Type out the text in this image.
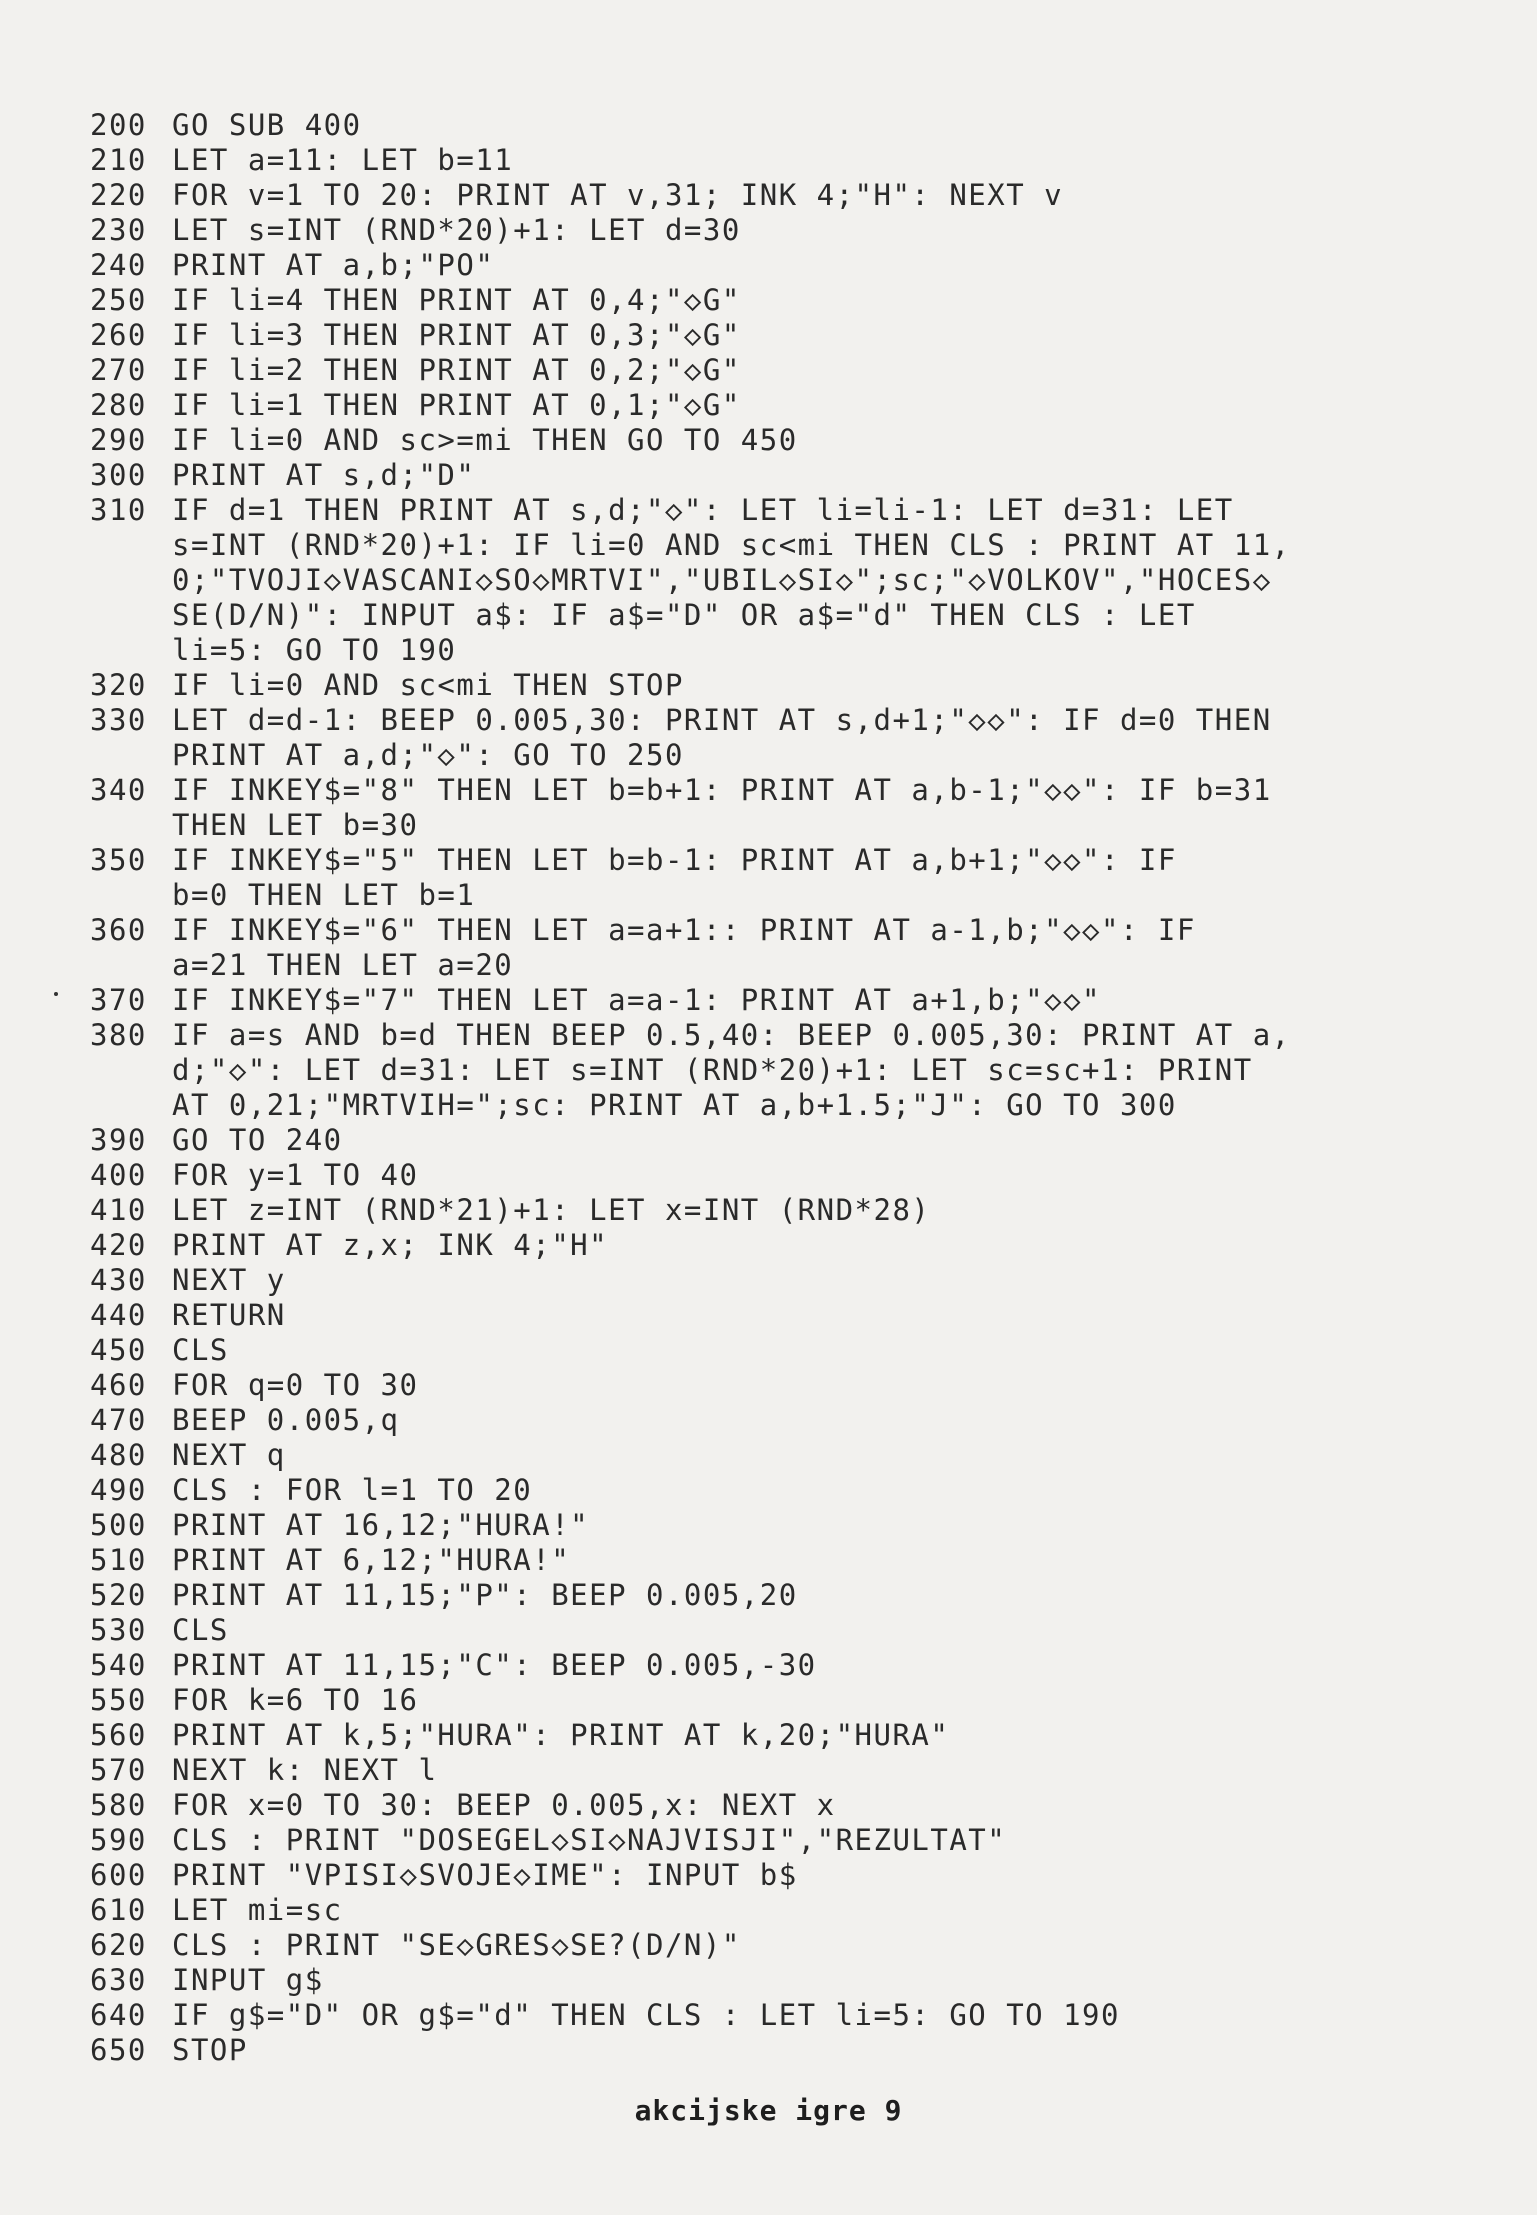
200 GO SUB 400
210 LET a=11: LET b=11
220 FOR v=1 TO 20: PRINT AT v,31; INK 4;"H": NEXT v
230 LET s=INT (RND*20)+1: LET d=30
240 PRINT AT a,b;"PO"
250 IF li=4 THEN PRINT AT 0,4;"◇G"
260 IF li=3 THEN PRINT AT 0,3;"◇G"
270 IF li=2 THEN PRINT AT 0,2;"◇G"
280 IF li=1 THEN PRINT AT 0,1;"◇G"
290 IF li=0 AND sc>=mi THEN GO TO 450
300 PRINT AT s,d;"D"
310 IF d=1 THEN PRINT AT s,d;"◇": LET li=li-1: LET d=31: LET
s=INT (RND*20)+1: IF li=0 AND sc<mi THEN CLS : PRINT AT 11,
0;"TVOJI◇VASCANI◇SO◇MRTVI","UBIL◇SI◇";sc;"◇VOLKOV","HOCES◇
SE(D/N)": INPUT a$: IF a$="D" OR a$="d" THEN CLS : LET
li=5: GO TO 190
320 IF li=0 AND sc<mi THEN STOP
330 LET d=d-1: BEEP 0.005,30: PRINT AT s,d+1;"◇◇": IF d=0 THEN
PRINT AT a,d;"◇": GO TO 250
340 IF INKEY$="8" THEN LET b=b+1: PRINT AT a,b-1;"◇◇": IF b=31
THEN LET b=30
350 IF INKEY$="5" THEN LET b=b-1: PRINT AT a,b+1;"◇◇": IF
b=0 THEN LET b=1
360 IF INKEY$="6" THEN LET a=a+1:: PRINT AT a-1,b;"◇◇": IF
a=21 THEN LET a=20
370 IF INKEY$="7" THEN LET a=a-1: PRINT AT a+1,b;"◇◇"
380 IF a=s AND b=d THEN BEEP 0.5,40: BEEP 0.005,30: PRINT AT a,
d;"◇": LET d=31: LET s=INT (RND*20)+1: LET sc=sc+1: PRINT
AT 0,21;"MRTVIH=";sc: PRINT AT a,b+1.5;"J": GO TO 300
390 GO TO 240
400 FOR y=1 TO 40
410 LET z=INT (RND*21)+1: LET x=INT (RND*28)
420 PRINT AT z,x; INK 4;"H"
430 NEXT y
440 RETURN
450 CLS
460 FOR q=0 TO 30
470 BEEP 0.005,q
480 NEXT q
490 CLS : FOR l=1 TO 20
500 PRINT AT 16,12;"HURA!"
510 PRINT AT 6,12;"HURA!"
520 PRINT AT 11,15;"P": BEEP 0.005,20
530 CLS
540 PRINT AT 11,15;"C": BEEP 0.005,-30
550 FOR k=6 TO 16
560 PRINT AT k,5;"HURA": PRINT AT k,20;"HURA"
570 NEXT k: NEXT l
580 FOR x=0 TO 30: BEEP 0.005,x: NEXT x
590 CLS : PRINT "DOSEGEL◇SI◇NAJVISJI","REZULTAT"
600 PRINT "VPISI◇SVOJE◇IME": INPUT b$
610 LET mi=sc
620 CLS : PRINT "SE◇GRES◇SE?(D/N)"
630 INPUT g$
640 IF g$="D" OR g$="d" THEN CLS : LET li=5: GO TO 190
650 STOP
akcijske igre 9
